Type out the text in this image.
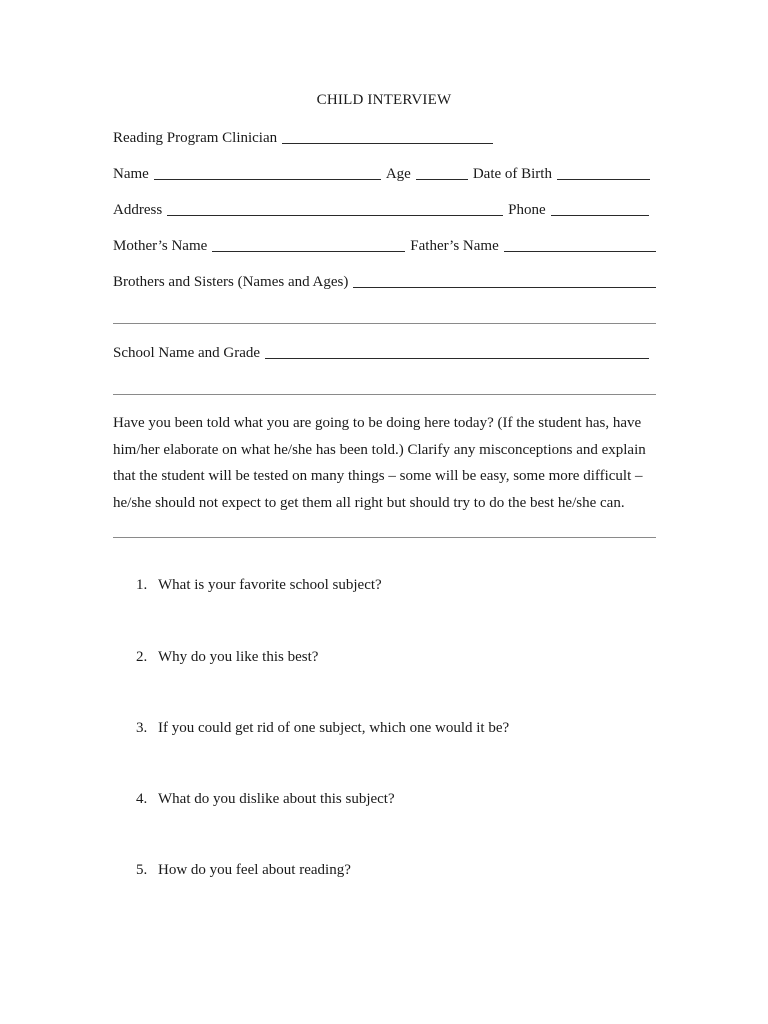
CHILD INTERVIEW
Reading Program Clinician
Name	Age	Date of Birth
Address	Phone
Mother’s Name	Father’s Name
Brothers and Sisters (Names and Ages)
School Name and Grade
Have you been told what you are going to be doing here today? (If the student has, have
him/her elaborate on what he/she has been told.) Clarify any misconceptions and explain
that the student will be tested on many things – some will be easy, some more difficult –
he/she should not expect to get them all right but should try to do the best he/she can.
1. What is your favorite school subject?
2. Why do you like this best?
3. If you could get rid of one subject, which one would it be?
4. What do you dislike about this subject?
5. How do you feel about reading?
